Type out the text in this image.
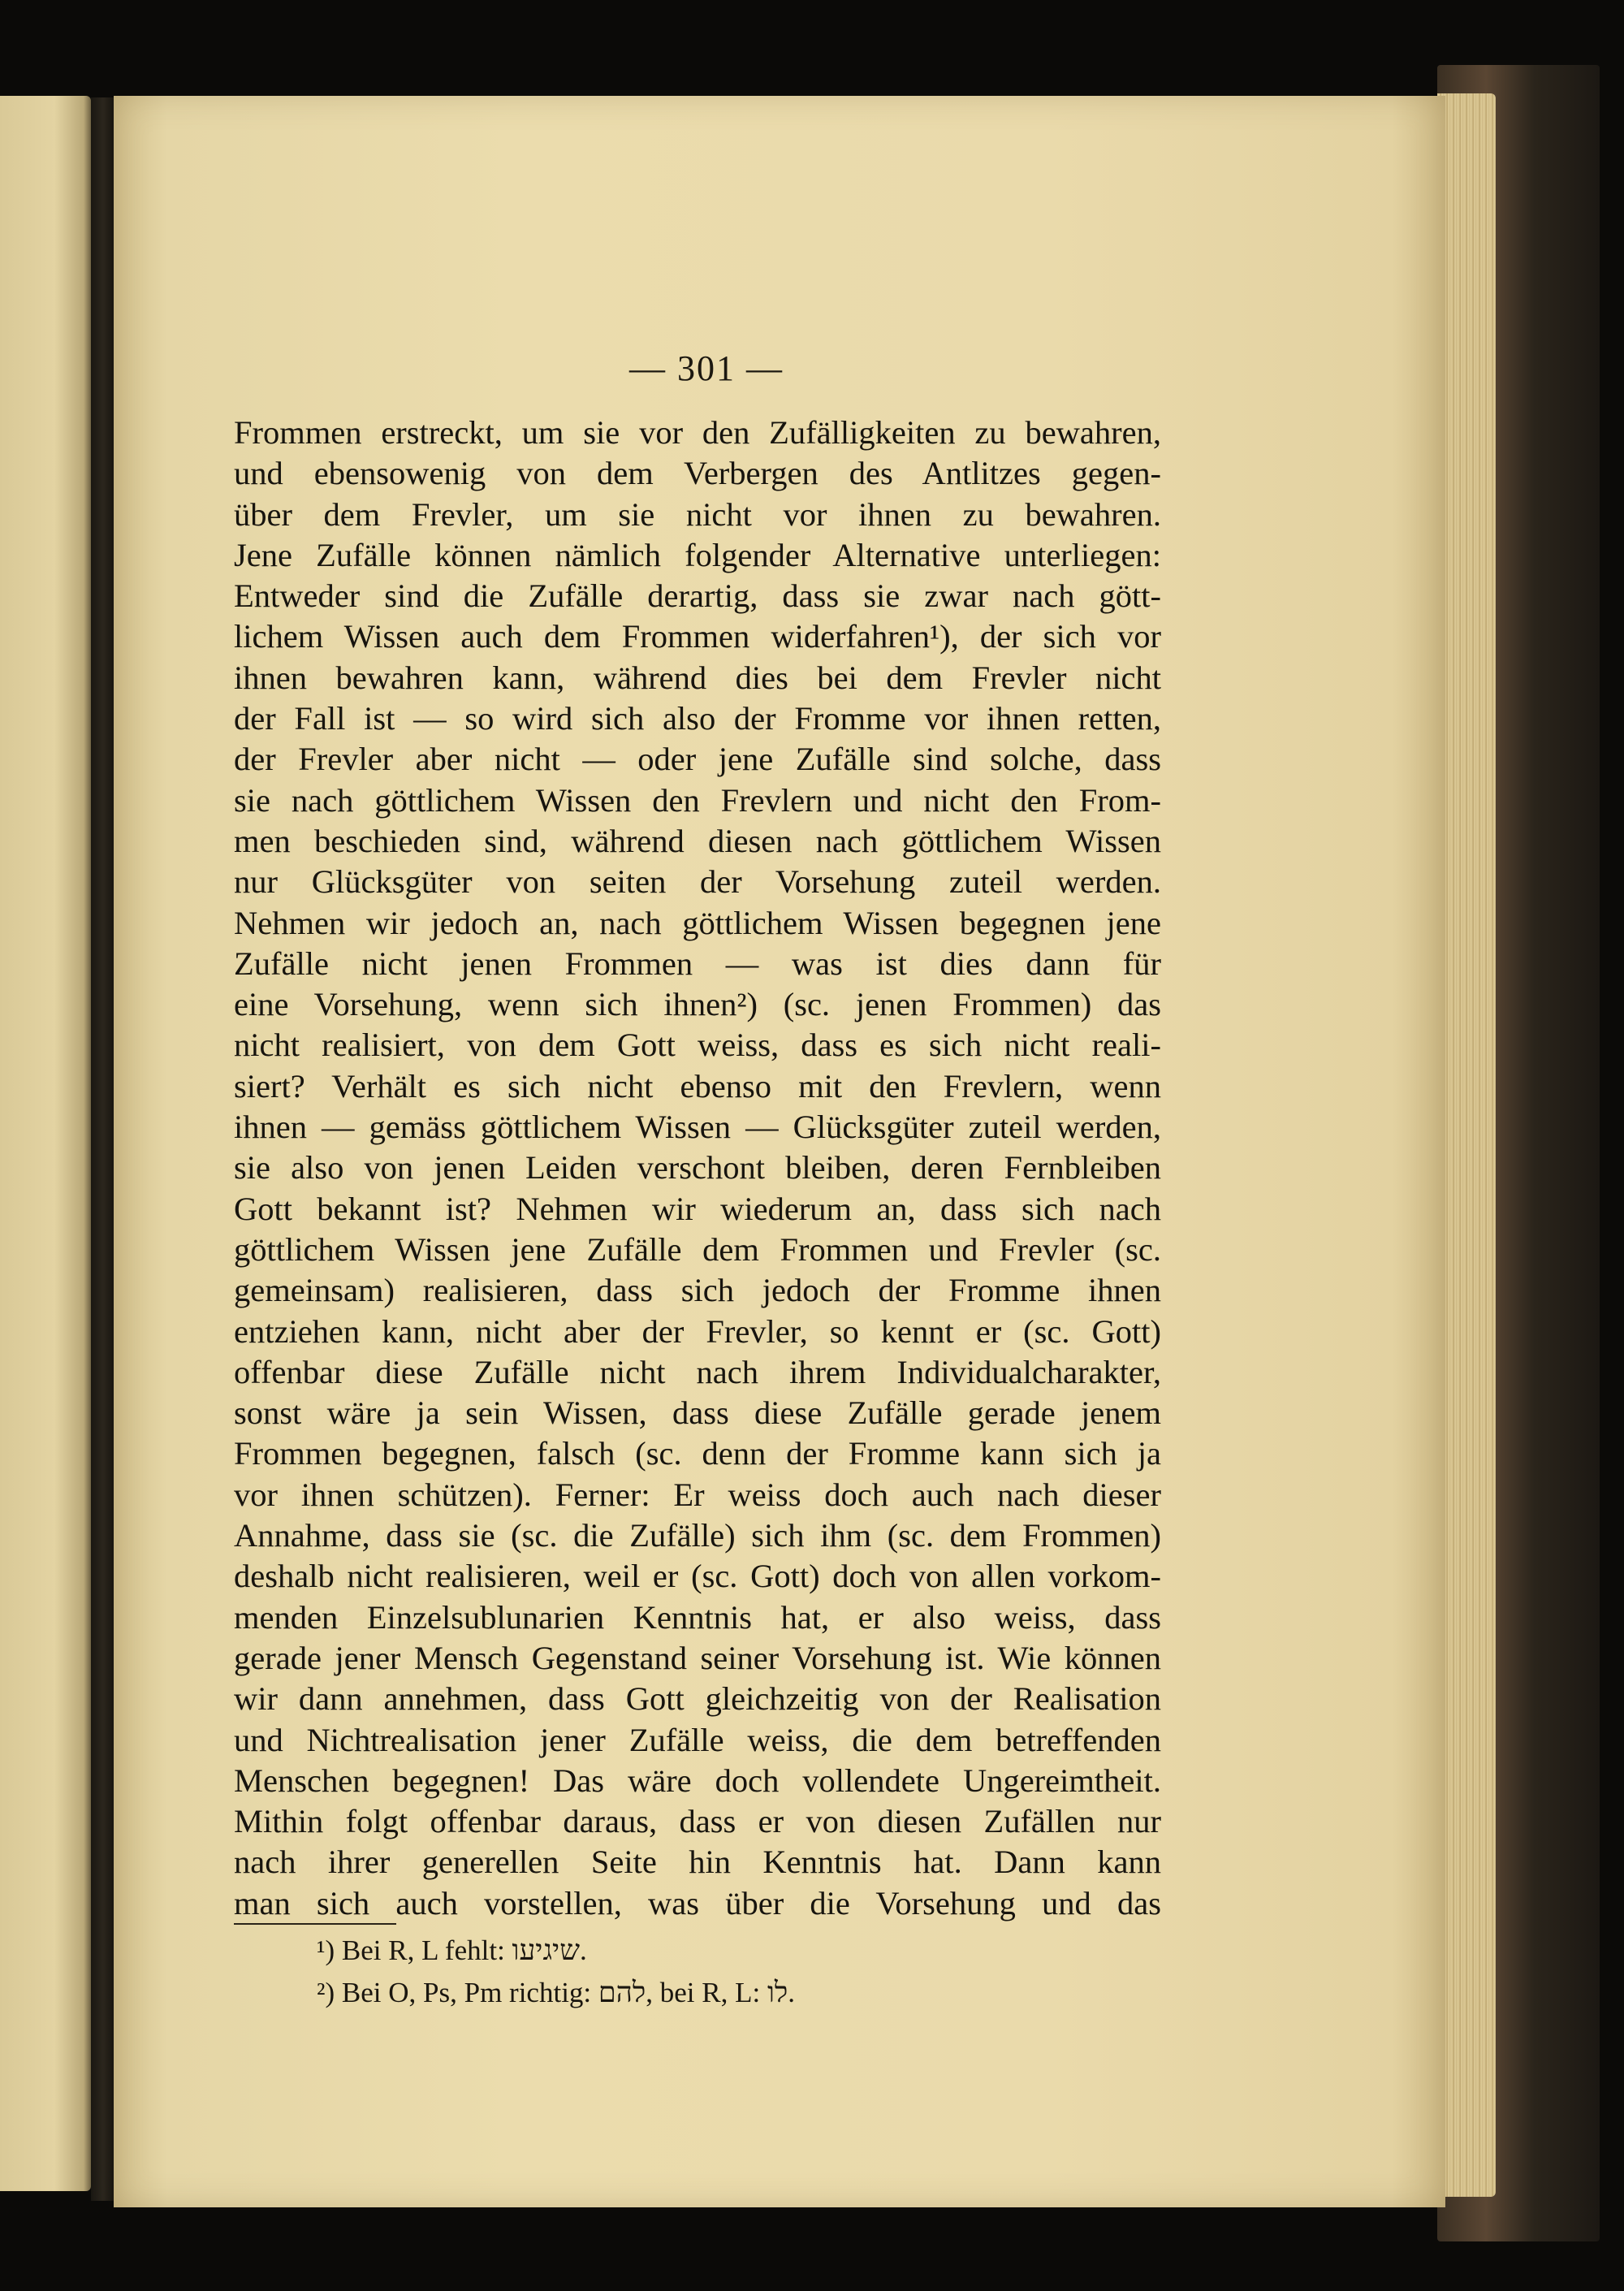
— 301 —
Frommen erstreckt, um sie vor den Zufälligkeiten zu bewahren,
und ebensowenig von dem Verbergen des Antlitzes gegen-
über dem Frevler, um sie nicht vor ihnen zu bewahren.
Jene Zufälle können nämlich folgender Alternative unterliegen:
Entweder sind die Zufälle derartig, dass sie zwar nach gött-
lichem Wissen auch dem Frommen widerfahren¹), der sich vor
ihnen bewahren kann, während dies bei dem Frevler nicht
der Fall ist — so wird sich also der Fromme vor ihnen retten,
der Frevler aber nicht — oder jene Zufälle sind solche, dass
sie nach göttlichem Wissen den Frevlern und nicht den From-
men beschieden sind, während diesen nach göttlichem Wissen
nur Glücksgüter von seiten der Vorsehung zuteil werden.
Nehmen wir jedoch an, nach göttlichem Wissen begegnen jene
Zufälle nicht jenen Frommen — was ist dies dann für
eine Vorsehung, wenn sich ihnen²) (sc. jenen Frommen) das
nicht realisiert, von dem Gott weiss, dass es sich nicht reali-
siert? Verhält es sich nicht ebenso mit den Frevlern, wenn
ihnen — gemäss göttlichem Wissen — Glücksgüter zuteil werden,
sie also von jenen Leiden verschont bleiben, deren Fernbleiben
Gott bekannt ist? Nehmen wir wiederum an, dass sich nach
göttlichem Wissen jene Zufälle dem Frommen und Frevler (sc.
gemeinsam) realisieren, dass sich jedoch der Fromme ihnen
entziehen kann, nicht aber der Frevler, so kennt er (sc. Gott)
offenbar diese Zufälle nicht nach ihrem Individualcharakter,
sonst wäre ja sein Wissen, dass diese Zufälle gerade jenem
Frommen begegnen, falsch (sc. denn der Fromme kann sich ja
vor ihnen schützen). Ferner: Er weiss doch auch nach dieser
Annahme, dass sie (sc. die Zufälle) sich ihm (sc. dem Frommen)
deshalb nicht realisieren, weil er (sc. Gott) doch von allen vorkom-
menden Einzelsublunarien Kenntnis hat, er also weiss, dass
gerade jener Mensch Gegenstand seiner Vorsehung ist. Wie können
wir dann annehmen, dass Gott gleichzeitig von der Realisation
und Nichtrealisation jener Zufälle weiss, die dem betreffenden
Menschen begegnen! Das wäre doch vollendete Ungereimtheit.
Mithin folgt offenbar daraus, dass er von diesen Zufällen nur
nach ihrer generellen Seite hin Kenntnis hat. Dann kann
man sich auch vorstellen, was über die Vorsehung und das
¹) Bei R, L fehlt: שיגיעו.
²) Bei O, Ps, Pm richtig: להם, bei R, L: לו.
